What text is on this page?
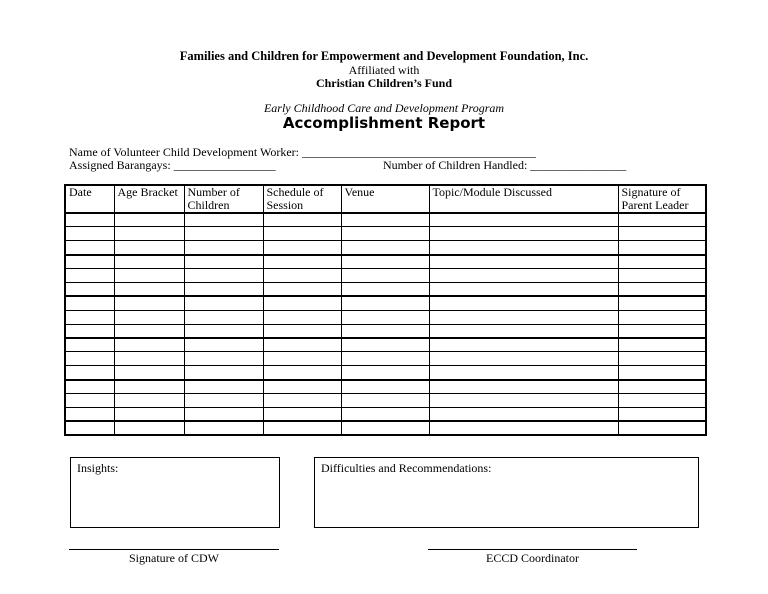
Families and Children for Empowerment and Development Foundation, Inc.
Affiliated with
Christian Children’s Fund
Early Childhood Care and Development Program
Accomplishment Report
Name of Volunteer Child Development Worker: _______________________________________
Assigned Barangays: _________________	Number of Children Handled: ________________
Date	Age Bracket	Number of Children	Schedule of Session	Venue	Topic/Module Discussed	Signature of Parent Leader

Insights:	Difficulties and Recommendations:
Signature of CDW	ECCD Coordinator
